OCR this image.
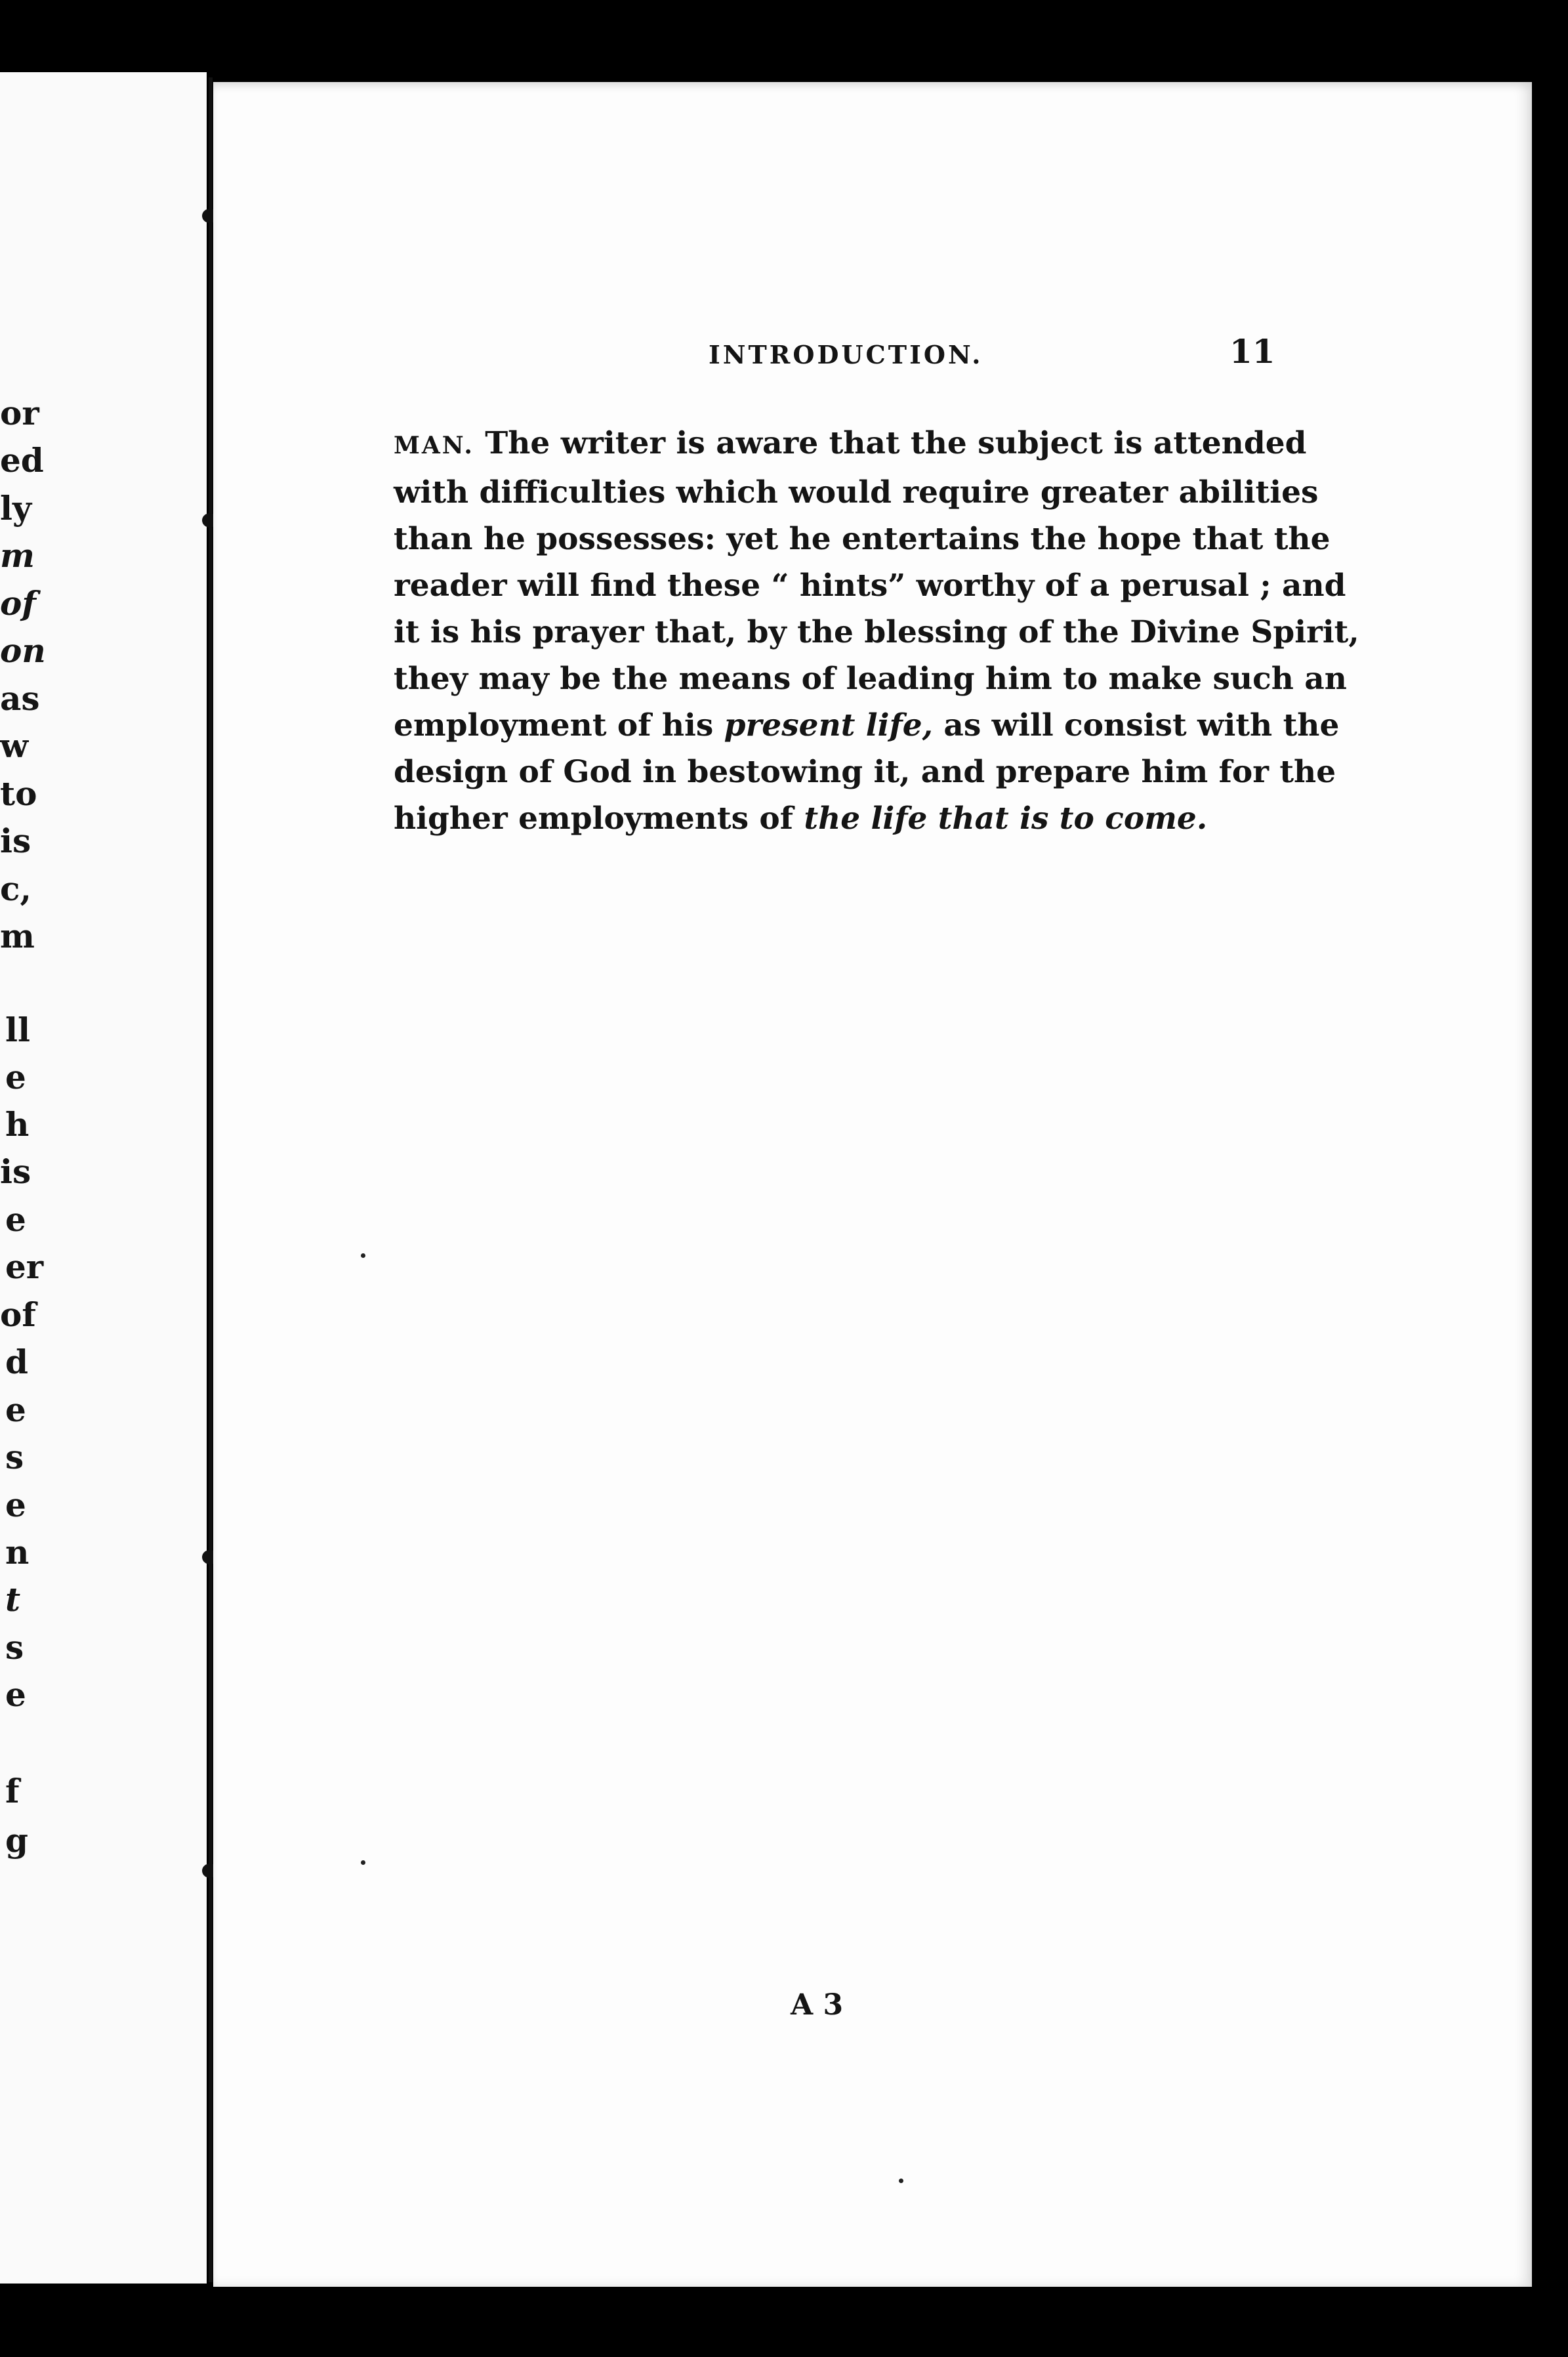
or
ed
ly
m
of
on
as
w
to
is
c,
m
ll
e
h
is
e
er
of
d
e
s
e
n
t
s
e
f
g
INTRODUCTION.	11
MAN. The writer is aware that the subject is attended
with difficulties which would require greater abilities
than he possesses: yet he entertains the hope that the
reader will find these “ hints” worthy of a perusal ; and
it is his prayer that, by the blessing of the Divine Spirit,
they may be the means of leading him to make such an
employment of his present life, as will consist with the
design of God in bestowing it, and prepare him for the
higher employments of the life that is to come.
A 3
